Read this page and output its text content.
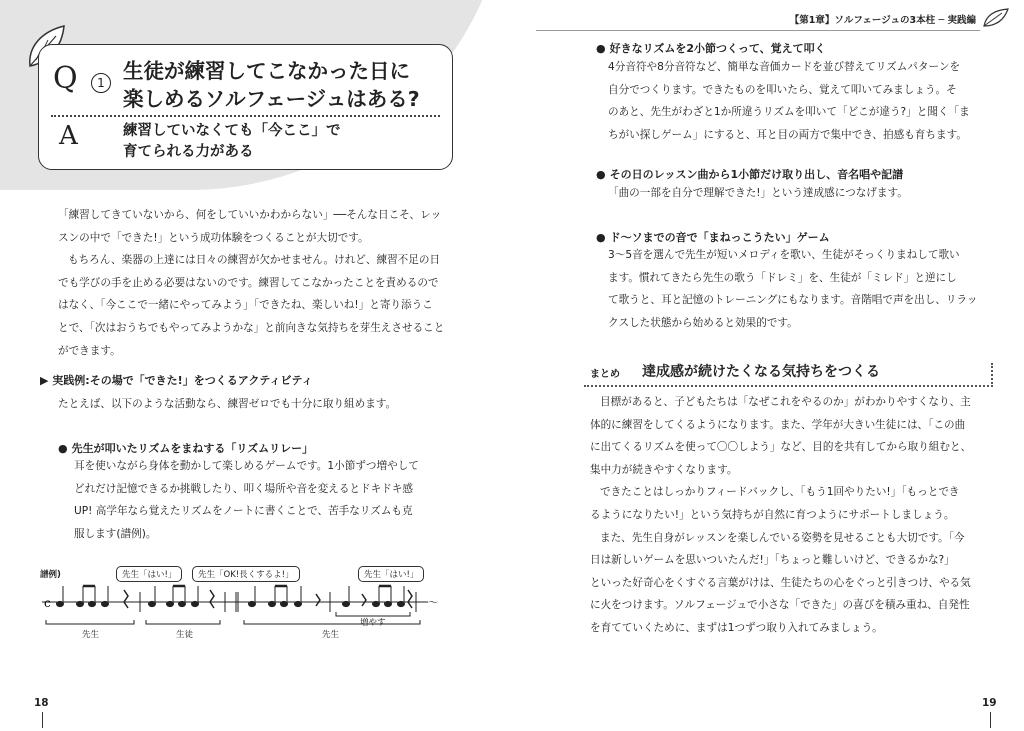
Q	1 生徒が練習してこなかった日に
楽しめるソルフェージュはある?
A	練習していなくても「今ここ」で
育てられる力がある
「練習してきていないから、何をしていいかわからない」──そんな日こそ、レッ
スンの中で「できた!」という成功体験をつくることが大切です。
もちろん、楽器の上達には日々の練習が欠かせません。けれど、練習不足の日
でも学びの手を止める必要はないのです。練習してこなかったことを責めるので
はなく、「今ここで一緒にやってみよう」「できたね、楽しいね!」と寄り添うこ
とで、「次はおうちでもやってみようかな」と前向きな気持ちを芽生えさせること
ができます。
▶ 実践例:その場で「できた!」をつくるアクティビティ
たとえば、以下のような活動なら、練習ゼロでも十分に取り組めます。
● 先生が叩いたリズムをまねする「リズムリレー」
耳を使いながら身体を動かして楽しめるゲームです。1小節ずつ増やして
どれだけ記憶できるか挑戦したり、叩く場所や音を変えるとドキドキ感
UP! 高学年なら覚えたリズムをノートに書くことで、苦手なリズムも克
服します(譜例)。
譜例)	先生「はい!」	先生「OK!長くするよ!」	先生「はい!」
c	〜
先生	生徒	先生
増やす
18
【第1章】ソルフェージュの3本柱 ─ 実践編
● 好きなリズムを2小節つくって、覚えて叩く
4分音符や8分音符など、簡単な音価カードを並び替えてリズムパターンを
自分でつくります。できたものを叩いたら、覚えて叩いてみましょう。そ
のあと、先生がわざと1か所違うリズムを叩いて「どこが違う?」と聞く「ま
ちがい探しゲーム」にすると、耳と目の両方で集中でき、拍感も育ちます。
● その日のレッスン曲から1小節だけ取り出し、音名唱や記譜
「曲の一部を自分で理解できた!」という達成感につなげます。
● ド〜ソまでの音で「まねっこうたい」ゲーム
3〜5音を選んで先生が短いメロディを歌い、生徒がそっくりまねして歌い
ます。慣れてきたら先生の歌う「ドレミ」を、生徒が「ミレド」と逆にし
て歌うと、耳と記憶のトレーニングにもなります。音階唱で声を出し、リラッ
クスした状態から始めると効果的です。
まとめ 達成感が続けたくなる気持ちをつくる
目標があると、子どもたちは「なぜこれをやるのか」がわかりやすくなり、主
体的に練習をしてくるようになります。また、学年が大きい生徒には、「この曲
に出てくるリズムを使って〇〇しよう」など、目的を共有してから取り組むと、
集中力が続きやすくなります。
できたことはしっかりフィードバックし、「もう1回やりたい!」「もっとでき
るようになりたい!」という気持ちが自然に育つようにサポートしましょう。
また、先生自身がレッスンを楽しんでいる姿勢を見せることも大切です。「今
日は新しいゲームを思いついたんだ!」「ちょっと難しいけど、できるかな?」
といった好奇心をくすぐる言葉がけは、生徒たちの心をぐっと引きつけ、やる気
に火をつけます。ソルフェージュで小さな「できた」の喜びを積み重ね、自発性
を育てていくために、まずは1つずつ取り入れてみましょう。
19
